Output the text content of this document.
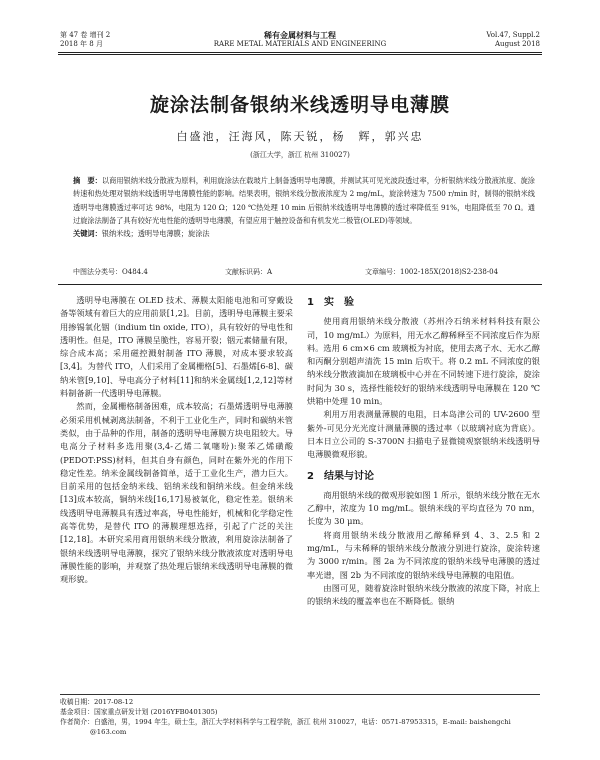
第 47 卷 增刊 2
2018 年 8 月
稀有金属材料与工程
RARE METAL MATERIALS AND ENGINEERING
Vol.47, Suppl.2
August 2018
旋涂法制备银纳米线透明导电薄膜
白盛池，汪海风，陈天锐，杨　辉，郭兴忠
(浙江大学，浙江 杭州 310027)
摘　要：以商用银纳米线分散液为原料，利用旋涂法在载玻片上制备透明导电薄膜，并测试其可见光波段透过率，分析银纳米线分散液浓度、旋涂转速和热处理对银纳米线透明导电薄膜性能的影响。结果表明，银纳米线分散液浓度为 2 mg/mL，旋涂转速为 7500 r/min 时，制得的银纳米线透明导电薄膜透过率可达 98%，电阻为 120 Ω；120 ℃热处理 10 min 后银纳米线透明导电薄膜的透过率降低至 91%，电阻降低至 70 Ω。通过旋涂法制备了具有较好光电性能的透明导电薄膜，有望应用于触控设备和有机发光二极管(OLED)等领域。
关键词：银纳米线；透明导电薄膜；旋涂法
中图法分类号：O484.4	文献标识码：A	文章编号：1002-185X(2018)S2-238-04

透明导电薄膜在 OLED 技术、薄膜太阳能电池和可穿戴设备等领域有着巨大的应用前景[1,2]。目前，透明导电薄膜主要采用掺锡氧化铟（indium tin oxide, ITO），具有较好的导电性和透明性。但是，ITO 薄膜呈脆性，容易开裂；铟元素储量有限，综合成本高；采用磁控溅射制备 ITO 薄膜，对成本要求较高[3,4]。为替代 ITO，人们采用了金属栅格[5]、石墨烯[6-8]、碳纳米管[9,10]、导电高分子材料[11]和纳米金属线[1,2,12]等材料制备新一代透明导电薄膜。

然而，金属栅格制备困难，成本较高；石墨烯透明导电薄膜必须采用机械剥离法制备，不利于工业化生产，同时和碳纳米管类似，由于品种的作用，制备的透明导电薄膜方块电阻较大。导电高分子材料多选用聚(3,4-乙烯二氧噻吩):聚苯乙烯磺酸(PEDOT:PSS)材料，但其自身有颜色，同时在紫外光的作用下稳定性差。纳米金属线制备简单，适于工业化生产，潜力巨大。目前采用的包括金纳米线、铝纳米线和铜纳米线。但金纳米线[13]成本较高，铜纳米线[16,17]易被氧化，稳定性差。银纳米线透明导电薄膜具有透过率高，导电性能好，机械和化学稳定性高等优势，是替代 ITO 的薄膜理想选择，引起了广泛的关注[12,18]。本研究采用商用银纳米线分散液，利用旋涂法制备了银纳米线透明导电薄膜，探究了银纳米线分散液浓度对透明导电薄膜性能的影响，并观察了热处理后银纳米线透明导电薄膜的微观形貌。

1　实　验

使用商用银纳米线分散液（苏州冷石纳米材料科技有限公司，10 mg/mL）为原料，用无水乙醇稀释至不同浓度后作为原料。选用 6 cm×6 cm 玻璃板为衬底，使用去离子水、无水乙醇和丙酮分别超声清洗 15 min 后吹干。将 0.2 mL 不同浓度的银纳米线分散液滴加在玻璃板中心并在不同转速下进行旋涂，旋涂时间为 30 s，选择性能较好的银纳米线透明导电薄膜在 120 ℃烘箱中处理 10 min。

利用万用表测量薄膜的电阻，日本岛津公司的 UV-2600 型紫外-可见分光光度计测量薄膜的透过率（以玻璃衬底为背底）。日本日立公司的 S-3700N 扫描电子显微镜观察银纳米线透明导电薄膜微观形貌。

2　结果与讨论

商用银纳米线的微观形貌如图 1 所示，银纳米线分散在无水乙醇中，浓度为 10 mg/mL。银纳米线的平均直径为 70 nm，长度为 30 μm。

将商用银纳米线分散液用乙醇稀释到 4、3、2.5 和 2 mg/mL，与未稀释的银纳米线分散液分别进行旋涂，旋涂转速为 3000 r/min。图 2a 为不同浓度的银纳米线导电薄膜的透过率光谱，图 2b 为不同浓度的银纳米线导电薄膜的电阻值。

由图可见，随着旋涂时银纳米线分散液的浓度下降，衬底上的银纳米线的覆盖率也在不断降低。银纳

收稿日期：2017-08-12
基金项目：国家重点研发计划 (2016YFB0401305)
作者简介：白盛池，男，1994 年生，硕士生，浙江大学材料科学与工程学院，浙江 杭州 310027，电话：0571-87953315，E-mail: baishengchi
@163.com
